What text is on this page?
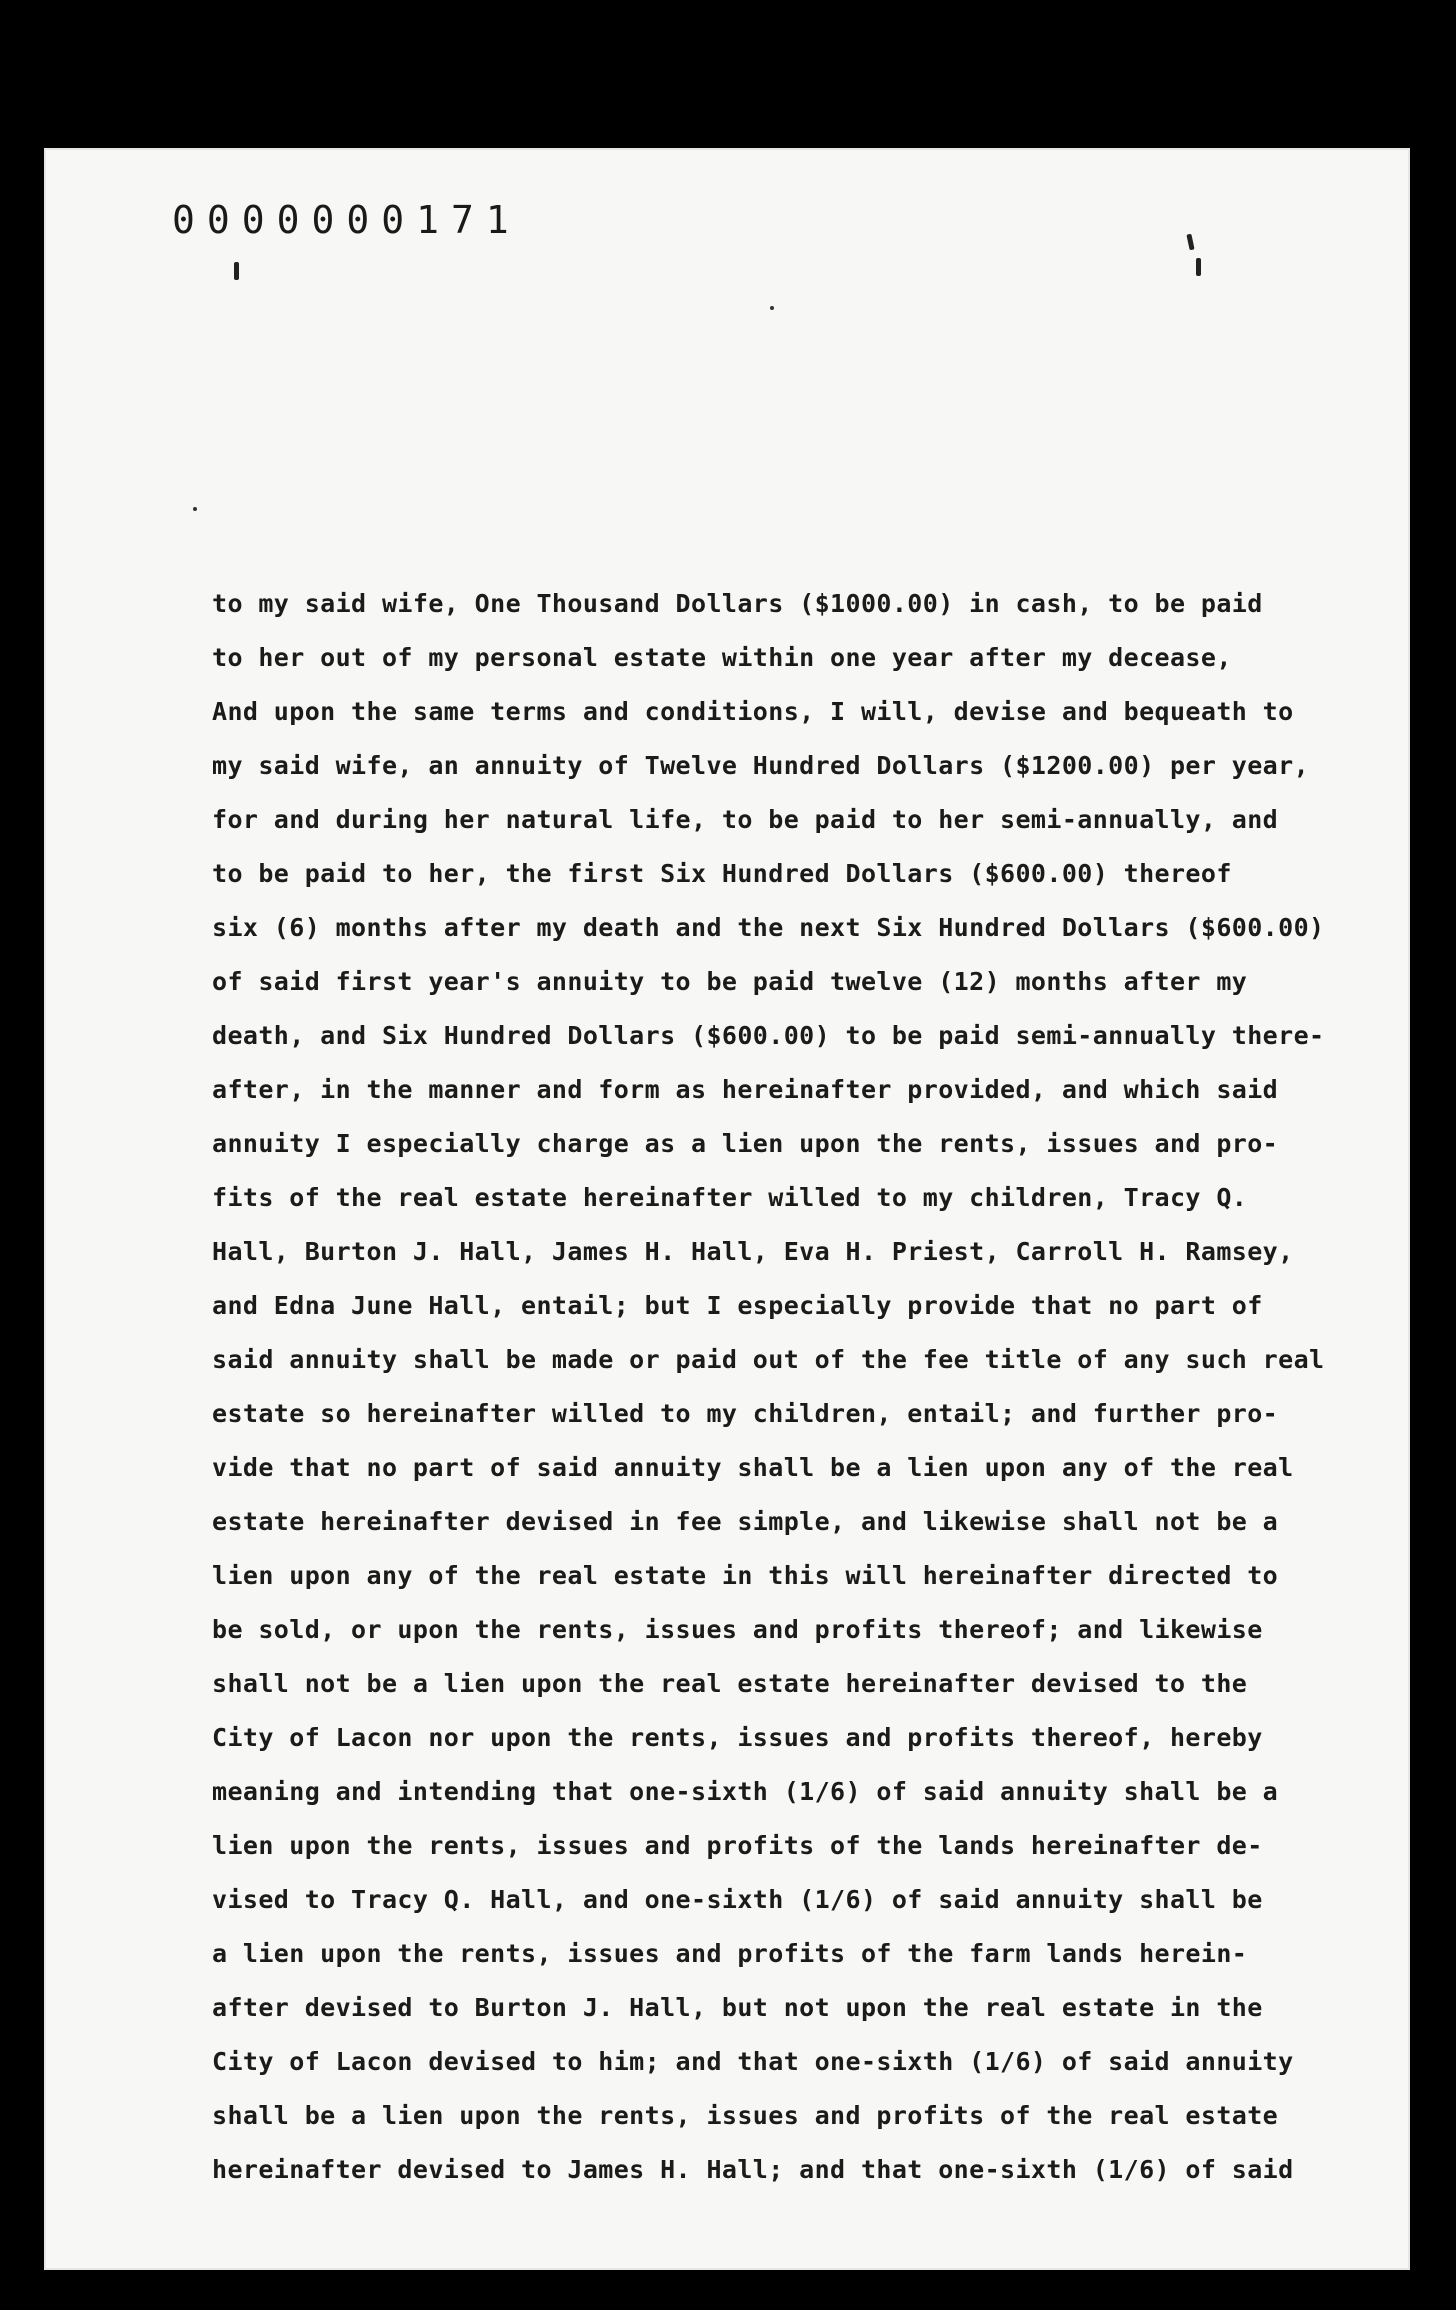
0000000171

to my said wife, One Thousand Dollars ($1000.00) in cash, to be paid
to her out of my personal estate within one year after my decease,
And upon the same terms and conditions, I will, devise and bequeath to
my said wife, an annuity of Twelve Hundred Dollars ($1200.00) per year,
for and during her natural life, to be paid to her semi-annually, and
to be paid to her, the first Six Hundred Dollars ($600.00) thereof
six (6) months after my death and the next Six Hundred Dollars ($600.00)
of said first year's annuity to be paid twelve (12) months after my
death, and Six Hundred Dollars ($600.00) to be paid semi-annually there-
after, in the manner and form as hereinafter provided, and which said
annuity I especially charge as a lien upon the rents, issues and pro-
fits of the real estate hereinafter willed to my children, Tracy Q.
Hall, Burton J. Hall, James H. Hall, Eva H. Priest, Carroll H. Ramsey,
and Edna June Hall, entail; but I especially provide that no part of
said annuity shall be made or paid out of the fee title of any such real
estate so hereinafter willed to my children, entail; and further pro-
vide that no part of said annuity shall be a lien upon any of the real
estate hereinafter devised in fee simple, and likewise shall not be a
lien upon any of the real estate in this will hereinafter directed to
be sold, or upon the rents, issues and profits thereof; and likewise
shall not be a lien upon the real estate hereinafter devised to the
City of Lacon nor upon the rents, issues and profits thereof, hereby
meaning and intending that one-sixth (1/6) of said annuity shall be a
lien upon the rents, issues and profits of the lands hereinafter de-
vised to Tracy Q. Hall, and one-sixth (1/6) of said annuity shall be
a lien upon the rents, issues and profits of the farm lands herein-
after devised to Burton J. Hall, but not upon the real estate in the
City of Lacon devised to him; and that one-sixth (1/6) of said annuity
shall be a lien upon the rents, issues and profits of the real estate
hereinafter devised to James H. Hall; and that one-sixth (1/6) of said
